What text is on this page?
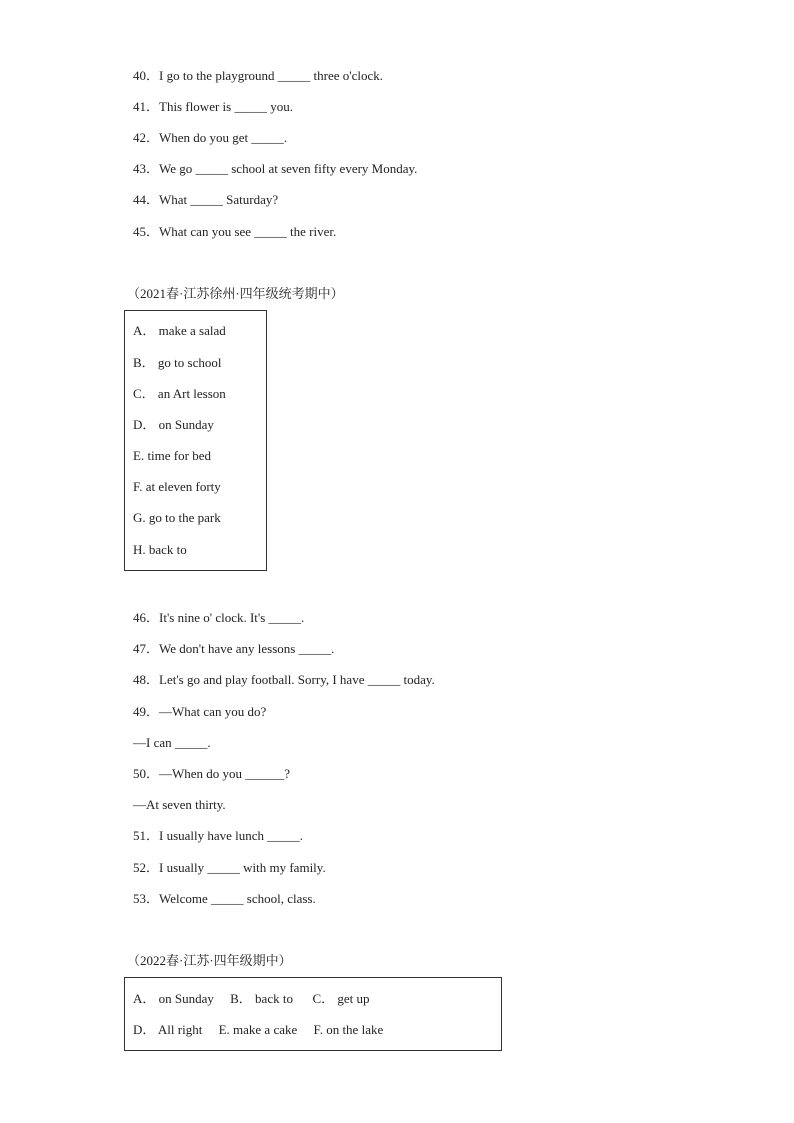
40．I go to the playground _____ three o'clock.
41．This flower is _____ you.
42．When do you get _____.
43．We go _____ school at seven fifty every Monday.
44．What _____ Saturday?
45．What can you see _____ the river.
（2021春·江苏徐州·四年级统考期中）
A． make a salad
B． go to school
C． an Art lesson
D． on Sunday
E. time for bed
F. at eleven forty
G. go to the park
H. back to
46．It's nine o' clock. It's _____.
47．We don't have any lessons _____.
48．Let's go and play football. Sorry, I have _____ today.
49．—What can you do?
—I can _____.
50．—When do you ______?
—At seven thirty.
51．I usually have lunch _____.
52．I usually _____ with my family.
53．Welcome _____ school, class.
（2022春·江苏·四年级期中）
A． on Sunday     B． back to      C． get up
D． All right     E. make a cake     F. on the lake
